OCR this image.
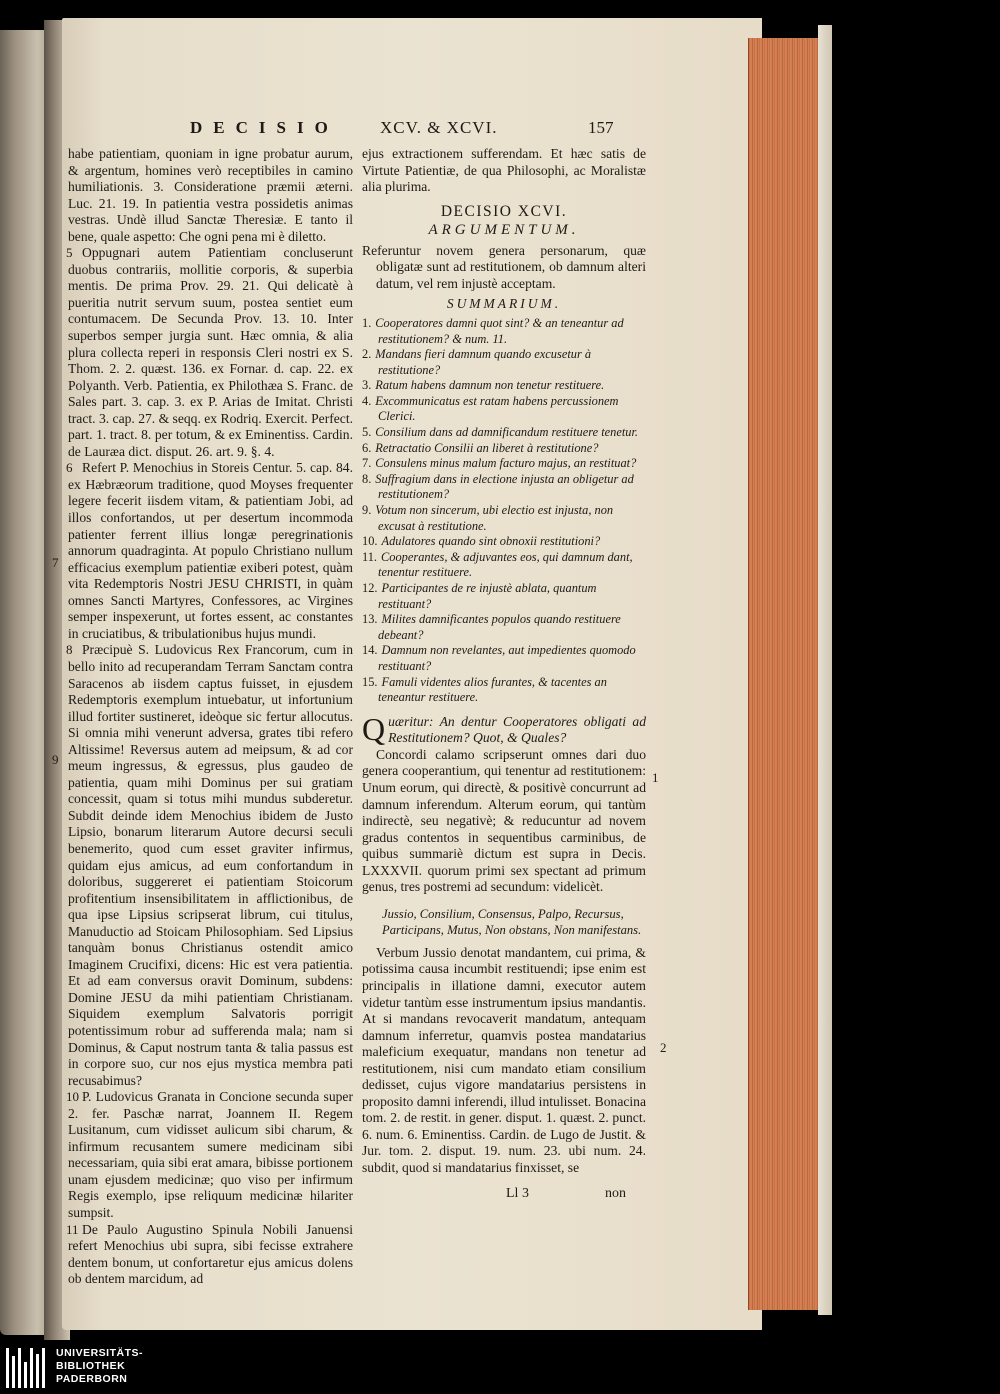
DECISIO XCV. & XCVI.	157

habe patientiam, quoniam in igne probatur aurum, & argentum, homines verò receptibiles in camino humiliationis. 3. Consideratione præmii æterni. Luc. 21. 19. In patientia vestra possidetis animas vestras. Undè illud Sanctæ Theresiæ. E tanto il bene, quale aspetto: Che ogni pena mi è diletto.

5 Oppugnari autem Patientiam concluserunt duobus contrariis, mollitie corporis, & superbia mentis. De prima Prov. 29. 21. Qui delicatè à pueritia nutrit servum suum, postea sentiet eum contumacem. De Secunda Prov. 13. 10. Inter superbos semper jurgia sunt. Hæc omnia, & alia plura collecta reperi in responsis Cleri nostri ex S. Thom. 2. 2. quæst. 136. ex Fornar. d. cap. 22. ex Polyanth. Verb. Patientia, ex Philothæa S. Franc. de Sales part. 3. cap. 3. ex P. Arias de Imitat. Christi tract. 3. cap. 27. & seqq. ex Rodriq. Exercit. Perfect. part. 1. tract. 8. per totum, & ex Eminentiss. Cardin. de Lauræa dict. disput. 26. art. 9. §. 4.

6 Refert P. Menochius in Storeis Centur. 5. cap. 84. ex Hæbræorum traditione, quod Moyses frequenter legere fecerit iisdem vitam, & patientiam Jobi, ad illos confortandos, ut per desertum incommoda patienter ferrent illius longæ peregrinationis annorum quadraginta. At populo Christiano nullum efficacius exemplum patientiæ exiberi potest, quàm vita Redemptoris Nostri JESU CHRISTI, in quàm omnes Sancti Martyres, Confessores, ac Virgines semper inspexerunt, ut fortes essent, ac constantes in cruciatibus, & tribulationibus hujus mundi.

8 Præcipuè S. Ludovicus Rex Francorum, cum in bello inito ad recuperandam Terram Sanctam contra Saracenos ab iisdem captus fuisset, in ejusdem Redemptoris exemplum intuebatur, ut infortunium illud fortiter sustineret, ideòque sic fertur allocutus. Si omnia mihi venerunt adversa, grates tibi refero Altissime! Reversus autem ad meipsum, & ad cor meum ingressus, & egressus, plus gaudeo de patientia, quam mihi Dominus per sui gratiam concessit, quam si totus mihi mundus subderetur. Subdit deinde idem Menochius ibidem de Justo Lipsio, bonarum literarum Autore decursi seculi benemerito, quod cum esset graviter infirmus, quidam ejus amicus, ad eum confortandum in doloribus, suggereret ei patientiam Stoicorum profitentium insensibilitatem in afflictionibus, de qua ipse Lipsius scripserat librum, cui titulus, Manuductio ad Stoicam Philosophiam. Sed Lipsius tanquàm bonus Christianus ostendit amico Imaginem Crucifixi, dicens: Hic est vera patientia. Et ad eam conversus oravit Dominum, subdens: Domine JESU da mihi patientiam Christianam. Siquidem exemplum Salvatoris porrigit potentissimum robur ad sufferenda mala; nam si Dominus, & Caput nostrum tanta & talia passus est in corpore suo, cur nos ejus mystica membra pati recusabimus?

10 P. Ludovicus Granata in Concione secunda super 2. fer. Paschæ narrat, Joannem II. Regem Lusitanum, cum vidisset aulicum sibi charum, & infirmum recusantem sumere medicinam sibi necessariam, quia sibi erat amara, bibisse portionem unam ejusdem medicinæ; quo viso per infirmum Regis exemplo, ipse reliquum medicinæ hilariter sumpsit.

11 De Paulo Augustino Spinula Nobili Januensi refert Menochius ubi supra, sibi fecisse extrahere dentem bonum, ut confortaretur ejus amicus dolens ob dentem marcidum, ad

7
9

ejus extractionem sufferendam. Et hæc satis de Virtute Patientiæ, de qua Philosophi, ac Moralistæ alia plurima.

DECISIO XCVI.
ARGUMENTUM.

Referuntur novem genera personarum, quæ obligatæ sunt ad restitutionem, ob damnum alteri datum, vel rem injustè acceptam.

SUMMARIUM.
1. Cooperatores damni quot sint? & an teneantur ad restitutionem? & num. 11.
2. Mandans fieri damnum quando excusetur à restitutione?
3. Ratum habens damnum non tenetur restituere.
4. Excommunicatus est ratam habens percussionem Clerici.
5. Consilium dans ad damnificandum restituere tenetur.
6. Retractatio Consilii an liberet à restitutione?
7. Consulens minus malum facturo majus, an restituat?
8. Suffragium dans in electione injusta an obligetur ad restitutionem?
9. Votum non sincerum, ubi electio est injusta, non excusat à restitutione.
10. Adulatores quando sint obnoxii restitutioni?
11. Cooperantes, & adjuvantes eos, qui damnum dant, tenentur restituere.
12. Participantes de re injustè ablata, quantum restituant?
13. Milites damnificantes populos quando restituere debeant?
14. Damnum non revelantes, aut impedientes quomodo restituant?
15. Famuli videntes alios furantes, & tacentes an teneantur restituere.

Quæritur: An dentur Cooperatores obligati ad Restitutionem? Quot, & Quales?

Concordi calamo scripserunt omnes dari duo genera cooperantium, qui tenentur ad restitutionem: Unum eorum, qui directè, & positivè concurrunt ad damnum inferendum. Alterum eorum, qui tantùm indirectè, seu negativè; & reducuntur ad novem gradus contentos in sequentibus carminibus, de quibus summariè dictum est supra in Decis. LXXXVII. quorum primi sex spectant ad primum genus, tres postremi ad secundum: videlicèt.

Jussio, Consilium, Consensus, Palpo, Recursus, Participans, Mutus, Non obstans, Non manifestans.

Verbum Jussio denotat mandantem, cui prima, & potissima causa incumbit restituendi; ipse enim est principalis in illatione damni, executor autem videtur tantùm esse instrumentum ipsius mandantis. At si mandans revocaverit mandatum, antequam damnum inferretur, quamvis postea mandatarius maleficium exequatur, mandans non tenetur ad restitutionem, nisi cum mandato etiam consilium dedisset, cujus vigore mandatarius persistens in proposito damni inferendi, illud intulisset. Bonacina tom. 2. de restit. in gener. disput. 1. quæst. 2. punct. 6. num. 6. Eminentiss. Cardin. de Lugo de Justit. & Jur. tom. 2. disput. 19. num. 23. ubi num. 24. subdit, quod si mandatarius finxisset, se

1
2
Ll 3	non
UNIVERSITÄTS-
BIBLIOTHEK
PADERBORN
